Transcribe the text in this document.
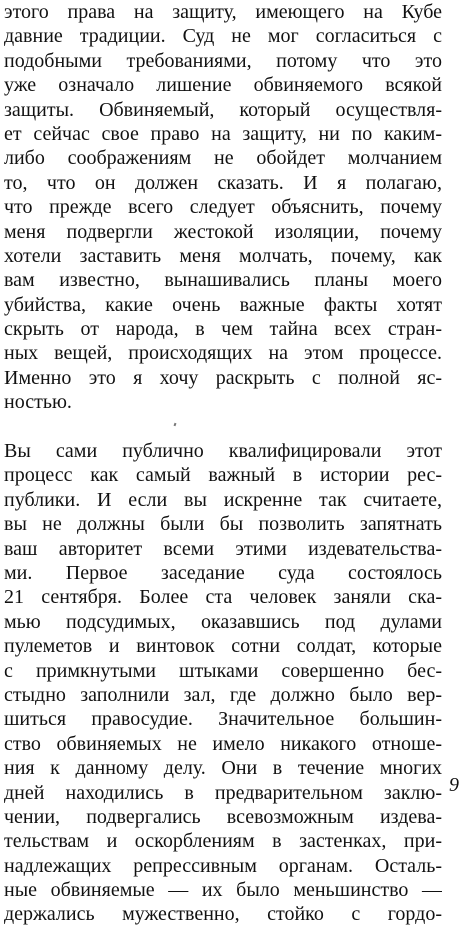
этого права на защиту, имеющего на Кубе
давние традиции. Суд не мог согласиться с
подобными требованиями, потому что это
уже означало лишение обвиняемого всякой
защиты. Обвиняемый, который осуществля-
ет сейчас свое право на защиту, ни по каким-
либо соображениям не обойдет молчанием
то, что он должен сказать. И я полагаю,
что прежде всего следует объяснить, почему
меня подвергли жестокой изоляции, почему
хотели заставить меня молчать, почему, как
вам известно, вынашивались планы моего
убийства, какие очень важные факты хотят
скрыть от народа, в чем тайна всех стран-
ных вещей, происходящих на этом процессе.
Именно это я хочу раскрыть с полной яс-
ностью.
Вы сами публично квалифицировали этот
процесс как самый важный в истории рес-
публики. И если вы искренне так считаете,
вы не должны были бы позволить запятнать
ваш авторитет всеми этими издевательства-
ми. Первое заседание суда состоялось
21 сентября. Более ста человек заняли ска-
мью подсудимых, оказавшись под дулами
пулеметов и винтовок сотни солдат, которые
с примкнутыми штыками совершенно бес-
стыдно заполнили зал, где должно было вер-
шиться правосудие. Значительное большин-
ство обвиняемых не имело никакого отноше-
ния к данному делу. Они в течение многих
дней находились в предварительном заклю-
чении, подвергались всевозможным издева-
тельствам и оскорблениям в застенках, при-
надлежащих репрессивным органам. Осталь-
ные обвиняемые — их было меньшинство —
держались мужественно, стойко с гордо-
9
